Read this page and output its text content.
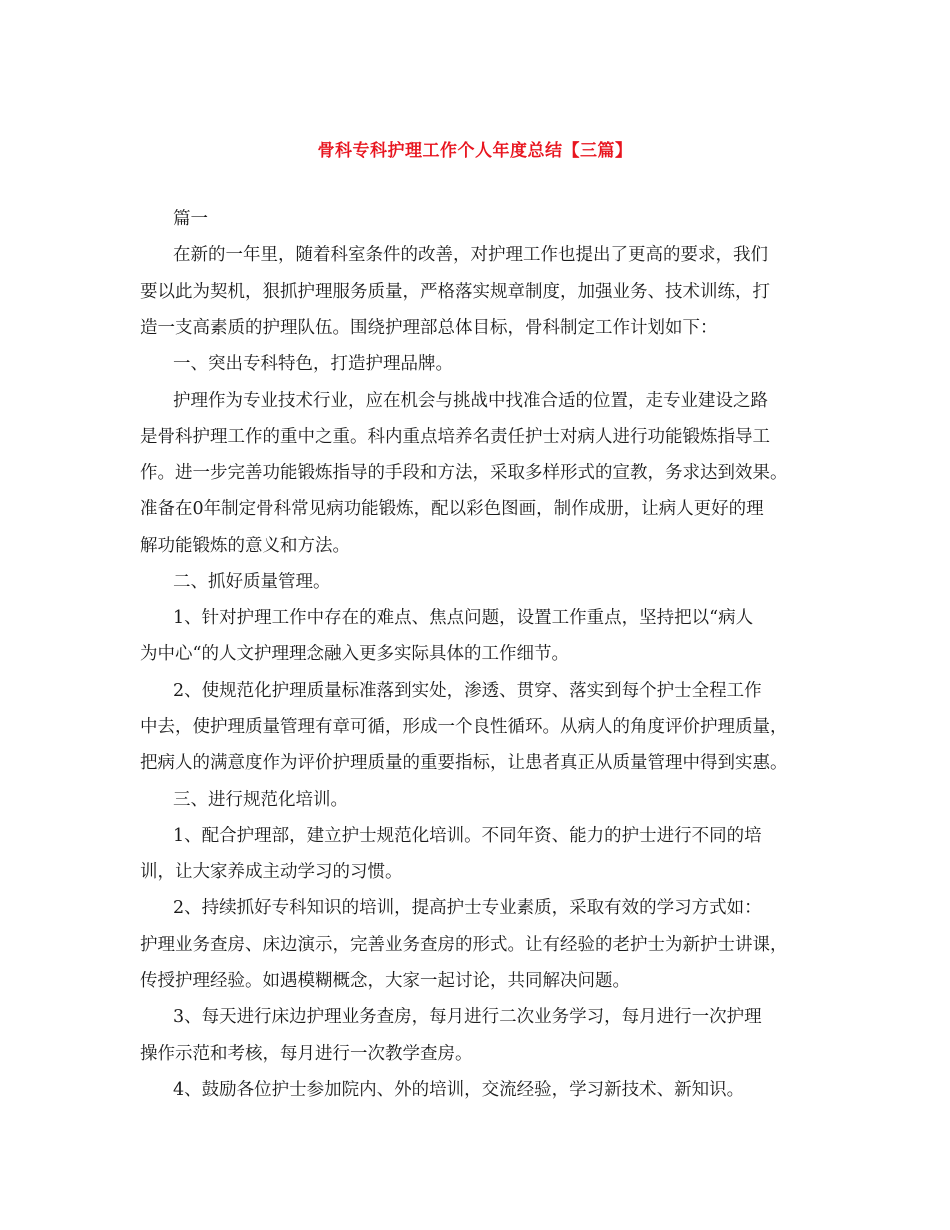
骨科专科护理工作个人年度总结【三篇】
篇一
在新的一年里，随着科室条件的改善，对护理工作也提出了更高的要求，我们
要以此为契机，狠抓护理服务质量，严格落实规章制度，加强业务、技术训练，打
造一支高素质的护理队伍。围绕护理部总体目标，骨科制定工作计划如下：
一、突出专科特色，打造护理品牌。
护理作为专业技术行业，应在机会与挑战中找准合适的位置，走专业建设之路
是骨科护理工作的重中之重。科内重点培养名责任护士对病人进行功能锻炼指导工
作。进一步完善功能锻炼指导的手段和方法，采取多样形式的宣教，务求达到效果。
准备在0年制定骨科常见病功能锻炼，配以彩色图画，制作成册，让病人更好的理
解功能锻炼的意义和方法。
二、抓好质量管理。
1、针对护理工作中存在的难点、焦点问题，设置工作重点，坚持把以“病人
为中心“的人文护理理念融入更多实际具体的工作细节。
2、使规范化护理质量标准落到实处，渗透、贯穿、落实到每个护士全程工作
中去，使护理质量管理有章可循，形成一个良性循环。从病人的角度评价护理质量，
把病人的满意度作为评价护理质量的重要指标，让患者真正从质量管理中得到实惠。
三、进行规范化培训。
1、配合护理部，建立护士规范化培训。不同年资、能力的护士进行不同的培
训，让大家养成主动学习的习惯。
2、持续抓好专科知识的培训，提高护士专业素质，采取有效的学习方式如：
护理业务查房、床边演示，完善业务查房的形式。让有经验的老护士为新护士讲课，
传授护理经验。如遇模糊概念，大家一起讨论，共同解决问题。
3、每天进行床边护理业务查房，每月进行二次业务学习，每月进行一次护理
操作示范和考核，每月进行一次教学查房。
4、鼓励各位护士参加院内、外的培训，交流经验，学习新技术、新知识。
